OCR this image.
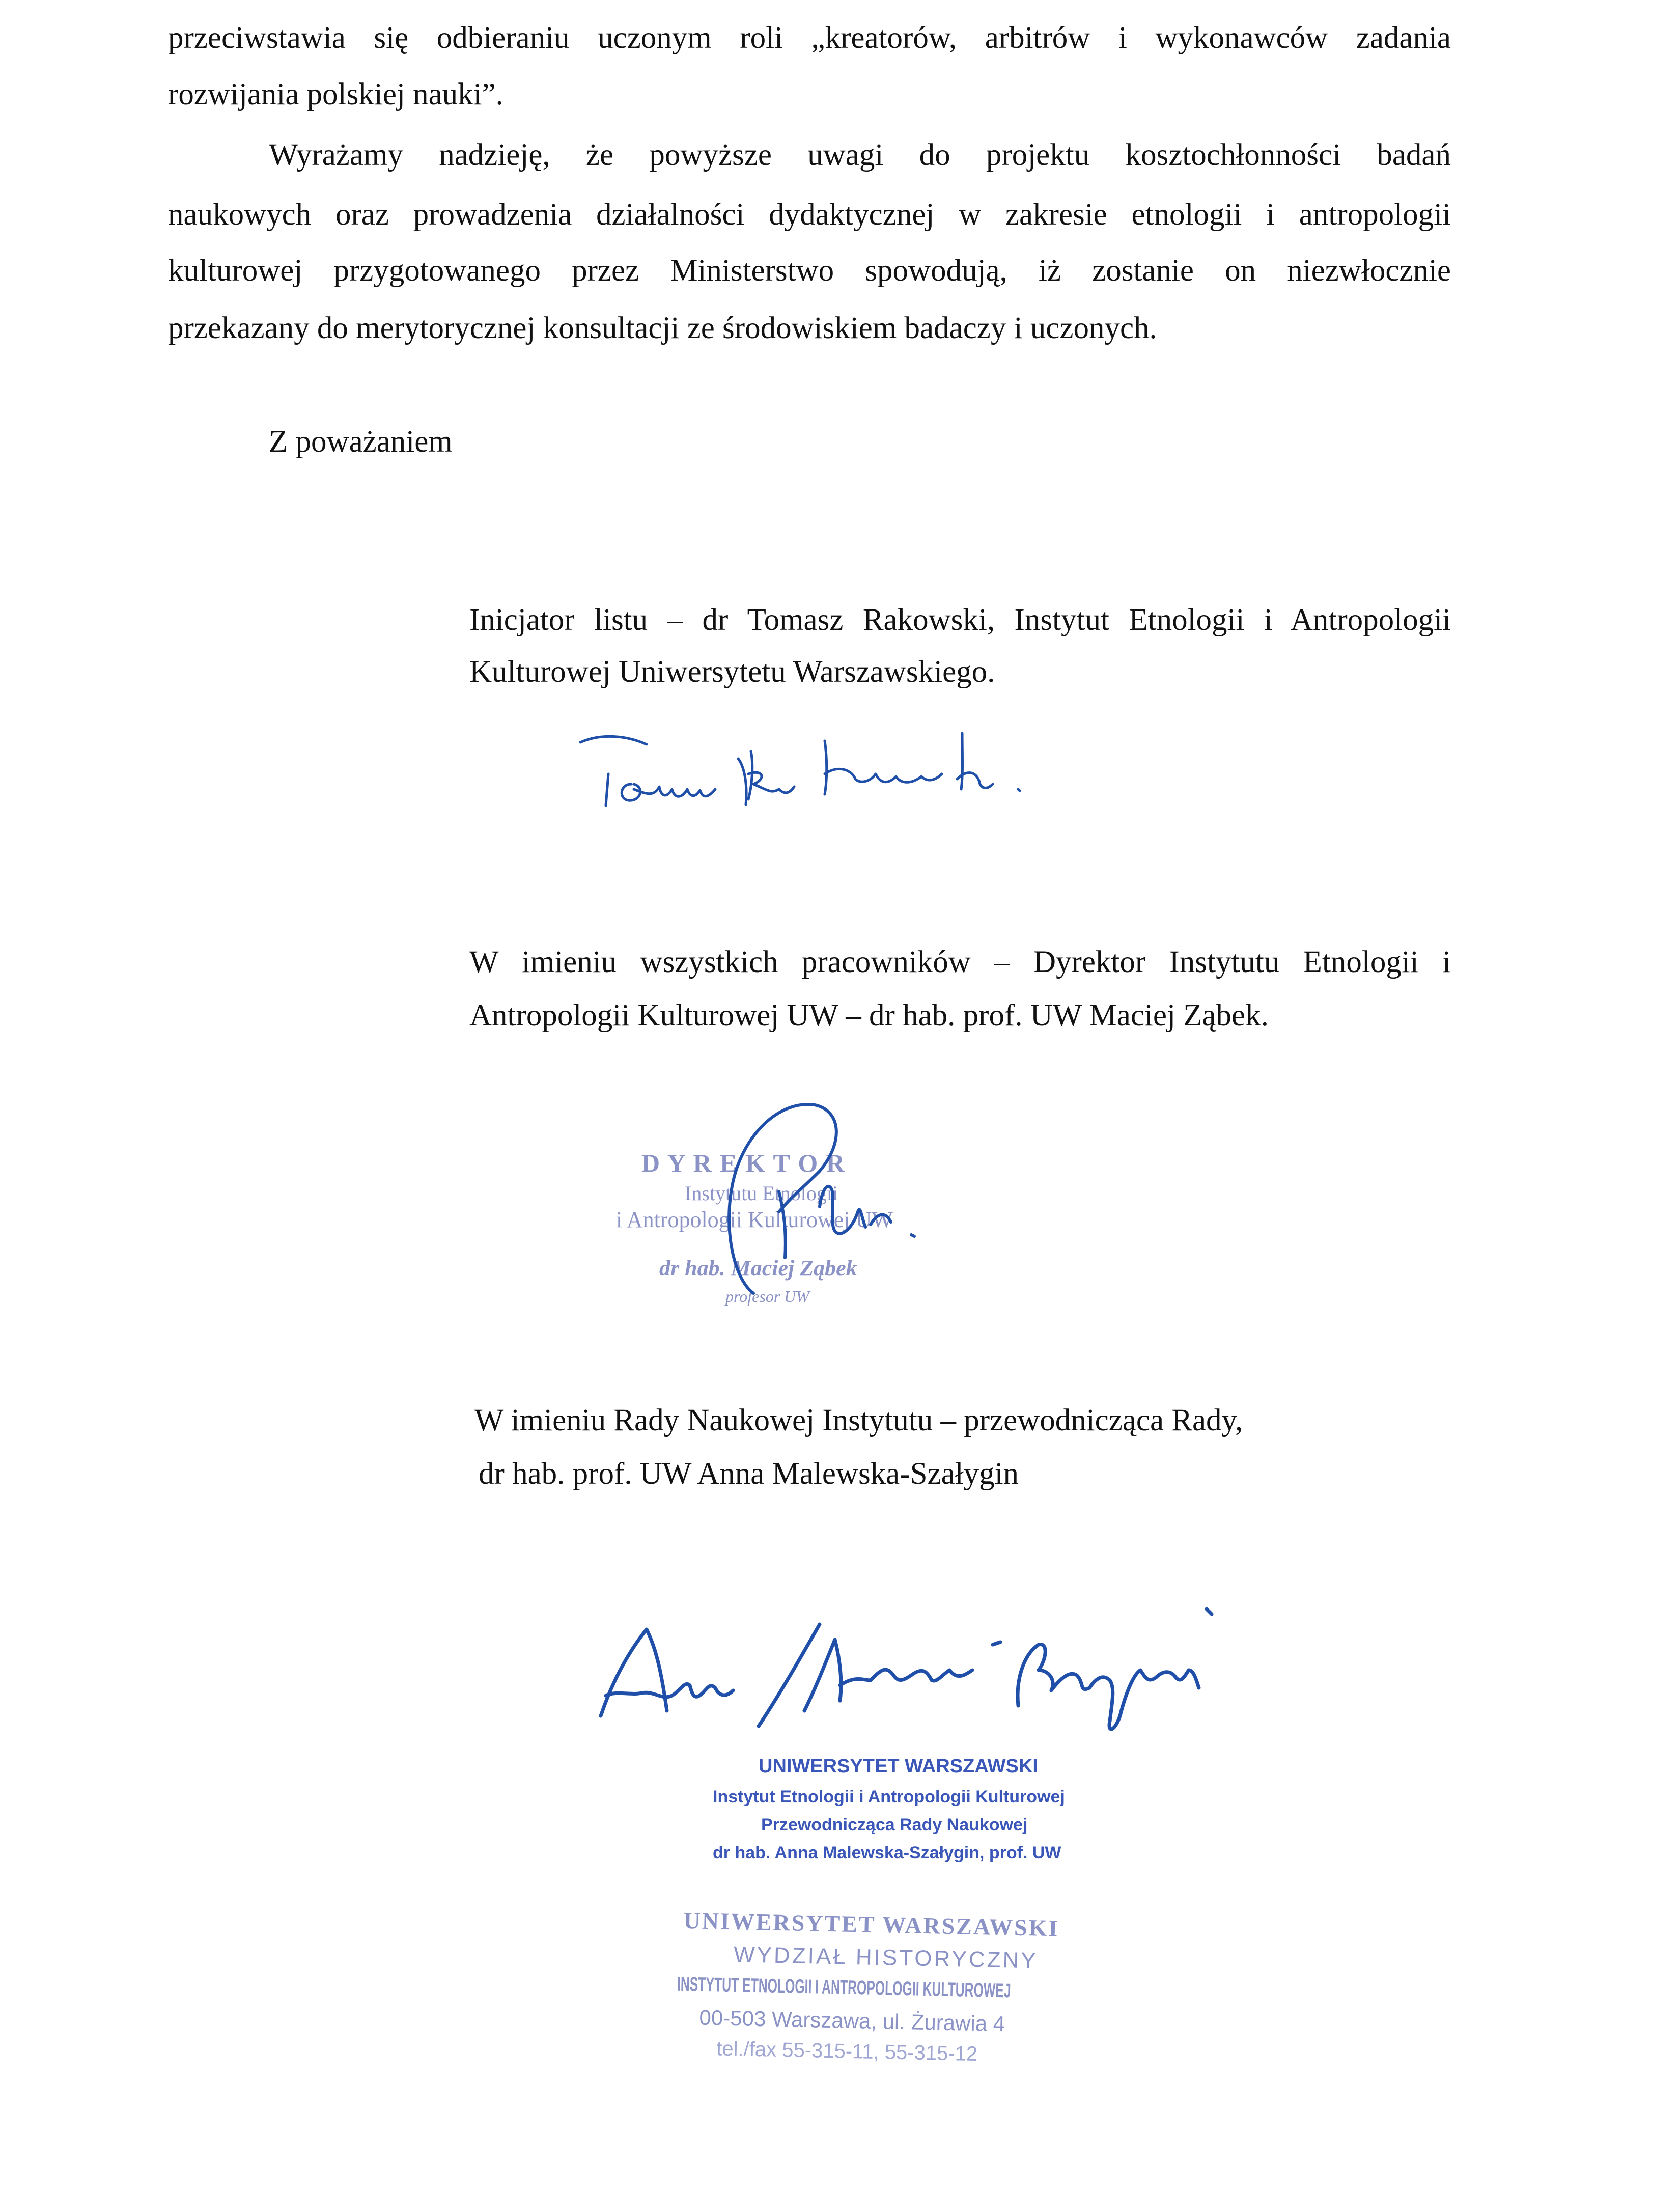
przeciwstawia się odbieraniu uczonym roli „kreatorów, arbitrów i wykonawców zadania
rozwijania polskiej nauki”.
Wyrażamy nadzieję, że powyższe uwagi do projektu kosztochłonności badań
naukowych oraz prowadzenia działalności dydaktycznej w zakresie etnologii i antropologii
kulturowej przygotowanego przez Ministerstwo spowodują, iż zostanie on niezwłocznie
przekazany do merytorycznej konsultacji ze środowiskiem badaczy i uczonych.
Z poważaniem
Inicjator listu – dr Tomasz Rakowski, Instytut Etnologii i Antropologii
Kulturowej Uniwersytetu Warszawskiego.
W imieniu wszystkich pracowników – Dyrektor Instytutu Etnologii i
Antropologii Kulturowej UW – dr hab. prof. UW Maciej Ząbek.
D Y R E K T O R
Instytutu Etnologii
i Antropologii Kulturowej UW
dr hab. Maciej Ząbek
profesor UW
W imieniu Rady Naukowej Instytutu – przewodnicząca Rady,
dr hab. prof. UW Anna Malewska-Szałygin
UNIWERSYTET WARSZAWSKI
Instytut Etnologii i Antropologii Kulturowej
Przewodnicząca Rady Naukowej
dr hab. Anna Malewska-Szałygin, prof. UW
UNIWERSYTET WARSZAWSKI
WYDZIAŁ HISTORYCZNY
INSTYTUT ETNOLOGII I ANTROPOLOGII KULTUROWEJ
00-503 Warszawa, ul. Żurawia 4
tel./fax 55-315-11, 55-315-12
